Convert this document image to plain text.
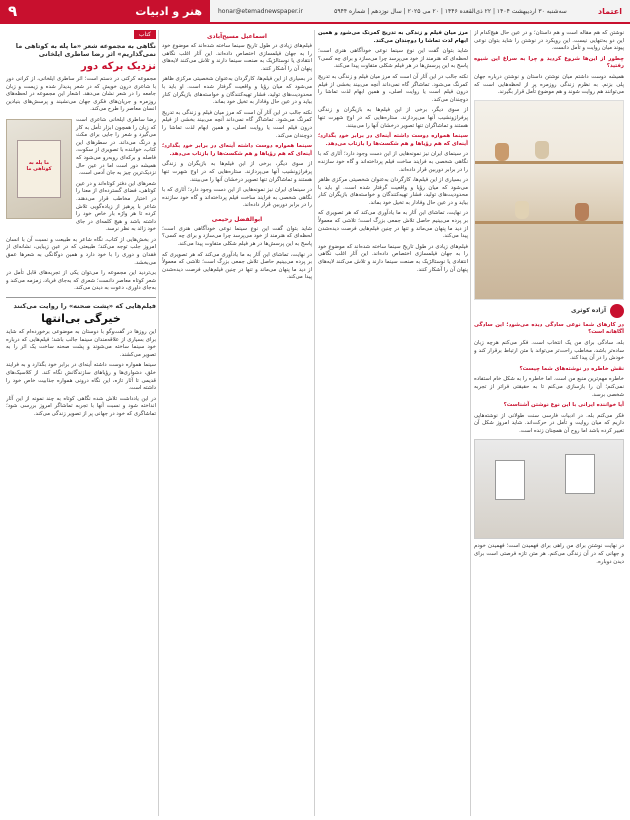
۹	هنر و ادبیات	honar@etemadnewspaper.ir	سه‌شنبه ۳۰ اردیبهشت ۱۴۰۴ | ۲۲ ذی‌القعده ۱۴۴۶ | ۲۰ می ۲۰۲۵ | سال نوزدهم | شماره ۵۹۴۴	اعتماد
کتاب
نگاهی به مجموعه شعر «ما پله به کوتاهی ما نمی‌گذاریم» اثر رضا ساطری ایلخانی
نزدیک برکه دور
مجموعه کرکنی در دستم است؛ اثر ساطری ایلخانی، از کرانی دور با شاعری درون خویش که در شعر پدیدار شده و زیست و زبان جامعه را در شعر نشان می‌دهد. اشعار این مجموعه در لحظه‌های روزمره و جریان‌های فکری جهان می‌نشیند و پرسش‌های بنیادین انسان معاصر را طرح می‌کند.
ما پله به کوتاهی ما
رضا ساطری ایلخانی شاعری است که زبان را همچون ابزار تأمل به کار می‌گیرد و شعر را جایی برای مکث و درنگ می‌داند. در سطرهای این کتاب، خواننده با تصویری از سکوت، فاصله و برکه‌ای روبه‌رو می‌شود که همیشه دور است اما در عین حال نزدیک‌ترین چیز به جان آدمی است.
شعرهای این دفتر کوتاه‌اند و در عین کوتاهی، فضای گسترده‌ای از معنا را در اختیار مخاطب قرار می‌دهند. شاعر با پرهیز از زیاده‌گویی تلاش کرده تا هر واژه بار خاص خود را داشته باشد و هیچ کلمه‌ای در جای خود زائد به نظر نرسد.
در بخش‌هایی از کتاب، نگاه شاعر به طبیعت و نسبت آن با انسان امروز جلب توجه می‌کند؛ طبیعتی که در عین زیبایی، نشانه‌ای از فقدان و دوری را با خود دارد و همین دوگانگی به شعرها عمق می‌بخشد.
بی‌تردید این مجموعه را می‌توان یکی از تجربه‌های قابل تأمل در شعر کوتاه معاصر دانست؛ شعری که به‌جای فریاد، زمزمه می‌کند و به‌جای داوری، دعوت به دیدن می‌کند.
فیلم‌هایی که «پشت صحنه» را روایت می‌کنند
خیرگی بی‌انتها
این روزها در گفت‌وگو با دوستان به موضوعی برخورده‌ام که شاید برای بسیاری از علاقه‌مندان سینما جالب باشد؛ فیلم‌هایی که درباره خود سینما ساخته می‌شوند و پشت صحنه ساخت یک اثر را به تصویر می‌کشند.
سینما همواره دوست داشته آینه‌ای در برابر خود بگذارد و به فرایند خلق، دشواری‌ها و رؤیاهای سازندگانش نگاه کند. از کلاسیک‌های قدیمی تا آثار تازه، این نگاه درونی همواره جذابیت خاص خود را داشته است.
در این یادداشت تلاش شده نگاهی کوتاه به چند نمونه از این آثار انداخته شود و نسبت آنها با تجربه تماشاگر امروز بررسی شود؛ تماشاگری که خود در جهانی پر از تصویر زندگی می‌کند.
اسماعیل مسیح‌آبادی
فیلم‌های زیادی در طول تاریخ سینما ساخته شده‌اند که موضوع خود را به جهان فیلمسازی اختصاص داده‌اند. این آثار اغلب نگاهی انتقادی یا نوستالژیک به صنعت سینما دارند و تلاش می‌کنند لایه‌های پنهان آن را آشکار کنند.
در بسیاری از این فیلم‌ها، کارگردان به‌عنوان شخصیتی مرکزی ظاهر می‌شود که میان رؤیا و واقعیت گرفتار شده است. او باید با محدودیت‌های تولید، فشار تهیه‌کنندگان و خواسته‌های بازیگران کنار بیاید و در عین حال وفادار به تخیل خود بماند.
نکته جالب در این آثار آن است که مرز میان فیلم و زندگی به تدریج کمرنگ می‌شود. تماشاگر گاه نمی‌داند آنچه می‌بیند بخشی از فیلم درون فیلم است یا روایت اصلی، و همین ابهام لذت تماشا را دوچندان می‌کند.
سینما همواره دوست داشته آینه‌ای در برابر خود بگذارد؛ آینه‌ای که هم رؤیاها و هم شکست‌ها را بازتاب می‌دهد.
از سوی دیگر، برخی از این فیلم‌ها به بازیگران و زندگی پرفرازونشیب آنها می‌پردازند. ستاره‌هایی که در اوج شهرت تنها هستند و تماشاگران تنها تصویر درخشان آنها را می‌بینند.
در سینمای ایران نیز نمونه‌هایی از این دست وجود دارد؛ آثاری که با نگاهی شخصی به فرایند ساخت فیلم پرداخته‌اند و گاه خود سازنده را در برابر دوربین قرار داده‌اند.
ابوالفضل رحیمی
شاید بتوان گفت این نوع سینما نوعی خودآگاهی هنری است؛ لحظه‌ای که هنرمند از خود می‌پرسد چرا می‌سازد و برای چه کسی؟ پاسخ به این پرسش‌ها در هر فیلم شکلی متفاوت پیدا می‌کند.
در نهایت، تماشای این آثار به ما یادآوری می‌کند که هر تصویری که بر پرده می‌بینیم حاصل تلاش جمعی بزرگ است؛ تلاشی که معمولاً از دید ما پنهان می‌ماند و تنها در چنین فیلم‌هایی فرصت دیده‌شدن پیدا می‌کند.
مرز میان فیلم و زندگی به تدریج کمرنگ می‌شود و همین ابهام لذت تماشا را دوچندان می‌کند.
شاید بتوان گفت این نوع سینما نوعی خودآگاهی هنری است؛ لحظه‌ای که هنرمند از خود می‌پرسد چرا می‌سازد و برای چه کسی؟ پاسخ به این پرسش‌ها در هر فیلم شکلی متفاوت پیدا می‌کند.
نکته جالب در این آثار آن است که مرز میان فیلم و زندگی به تدریج کمرنگ می‌شود. تماشاگر گاه نمی‌داند آنچه می‌بیند بخشی از فیلم درون فیلم است یا روایت اصلی، و همین ابهام لذت تماشا را دوچندان می‌کند.
از سوی دیگر، برخی از این فیلم‌ها به بازیگران و زندگی پرفرازونشیب آنها می‌پردازند. ستاره‌هایی که در اوج شهرت تنها هستند و تماشاگران تنها تصویر درخشان آنها را می‌بینند.
سینما همواره دوست داشته آینه‌ای در برابر خود بگذارد؛ آینه‌ای که هم رؤیاها و هم شکست‌ها را بازتاب می‌دهد.
در سینمای ایران نیز نمونه‌هایی از این دست وجود دارد؛ آثاری که با نگاهی شخصی به فرایند ساخت فیلم پرداخته‌اند و گاه خود سازنده را در برابر دوربین قرار داده‌اند.
در بسیاری از این فیلم‌ها، کارگردان به‌عنوان شخصیتی مرکزی ظاهر می‌شود که میان رؤیا و واقعیت گرفتار شده است. او باید با محدودیت‌های تولید، فشار تهیه‌کنندگان و خواسته‌های بازیگران کنار بیاید و در عین حال وفادار به تخیل خود بماند.
در نهایت، تماشای این آثار به ما یادآوری می‌کند که هر تصویری که بر پرده می‌بینیم حاصل تلاش جمعی بزرگ است؛ تلاشی که معمولاً از دید ما پنهان می‌ماند و تنها در چنین فیلم‌هایی فرصت دیده‌شدن پیدا می‌کند.
فیلم‌های زیادی در طول تاریخ سینما ساخته شده‌اند که موضوع خود را به جهان فیلمسازی اختصاص داده‌اند. این آثار اغلب نگاهی انتقادی یا نوستالژیک به صنعت سینما دارند و تلاش می‌کنند لایه‌های پنهان آن را آشکار کنند.
نوشتن که هم مقاله است و هم داستان؛ و در عین حال هیچ‌کدام از این دو به‌تنهایی نیست. این رویکرد در نوشتن را شاید بتوان نوعی پیوند میان روایت و تأمل دانست.
چطور از این‌ها شروع کردید و چرا به سراغ این شیوه رفتید؟
همیشه دوست داشتم میان نوشتن داستان و نوشتن درباره جهان پلی بزنم. به نظرم زندگی روزمره پر از لحظه‌هایی است که می‌توانند هم روایت شوند و هم موضوع تأمل قرار بگیرند.
آزاده کوثری
در کارهای شما نوعی سادگی دیده می‌شود؛ این سادگی آگاهانه است؟
بله، سادگی برای من یک انتخاب است. فکر می‌کنم هرچه زبان ساده‌تر باشد، مخاطب راحت‌تر می‌تواند با متن ارتباط برقرار کند و خودش را در آن پیدا کند.
نقش خاطره در نوشته‌های شما چیست؟
خاطره مهم‌ترین منبع من است. اما خاطره را به شکل خام استفاده نمی‌کنم؛ آن را بازسازی می‌کنم تا به حقیقتی فراتر از تجربه شخصی برسد.
آیا خواننده ایرانی با این نوع نوشتن آشناست؟
فکر می‌کنم بله. در ادبیات فارسی سنت طولانی از نوشته‌هایی داریم که میان روایت و تأمل در حرکت‌اند. شاید امروز شکل آن تغییر کرده باشد اما روح آن همچنان زنده است.
در نهایت نوشتن برای من راهی برای فهمیدن است؛ فهمیدن خودم و جهانی که در آن زندگی می‌کنم. هر متن تازه فرصتی است برای دیدن دوباره.
